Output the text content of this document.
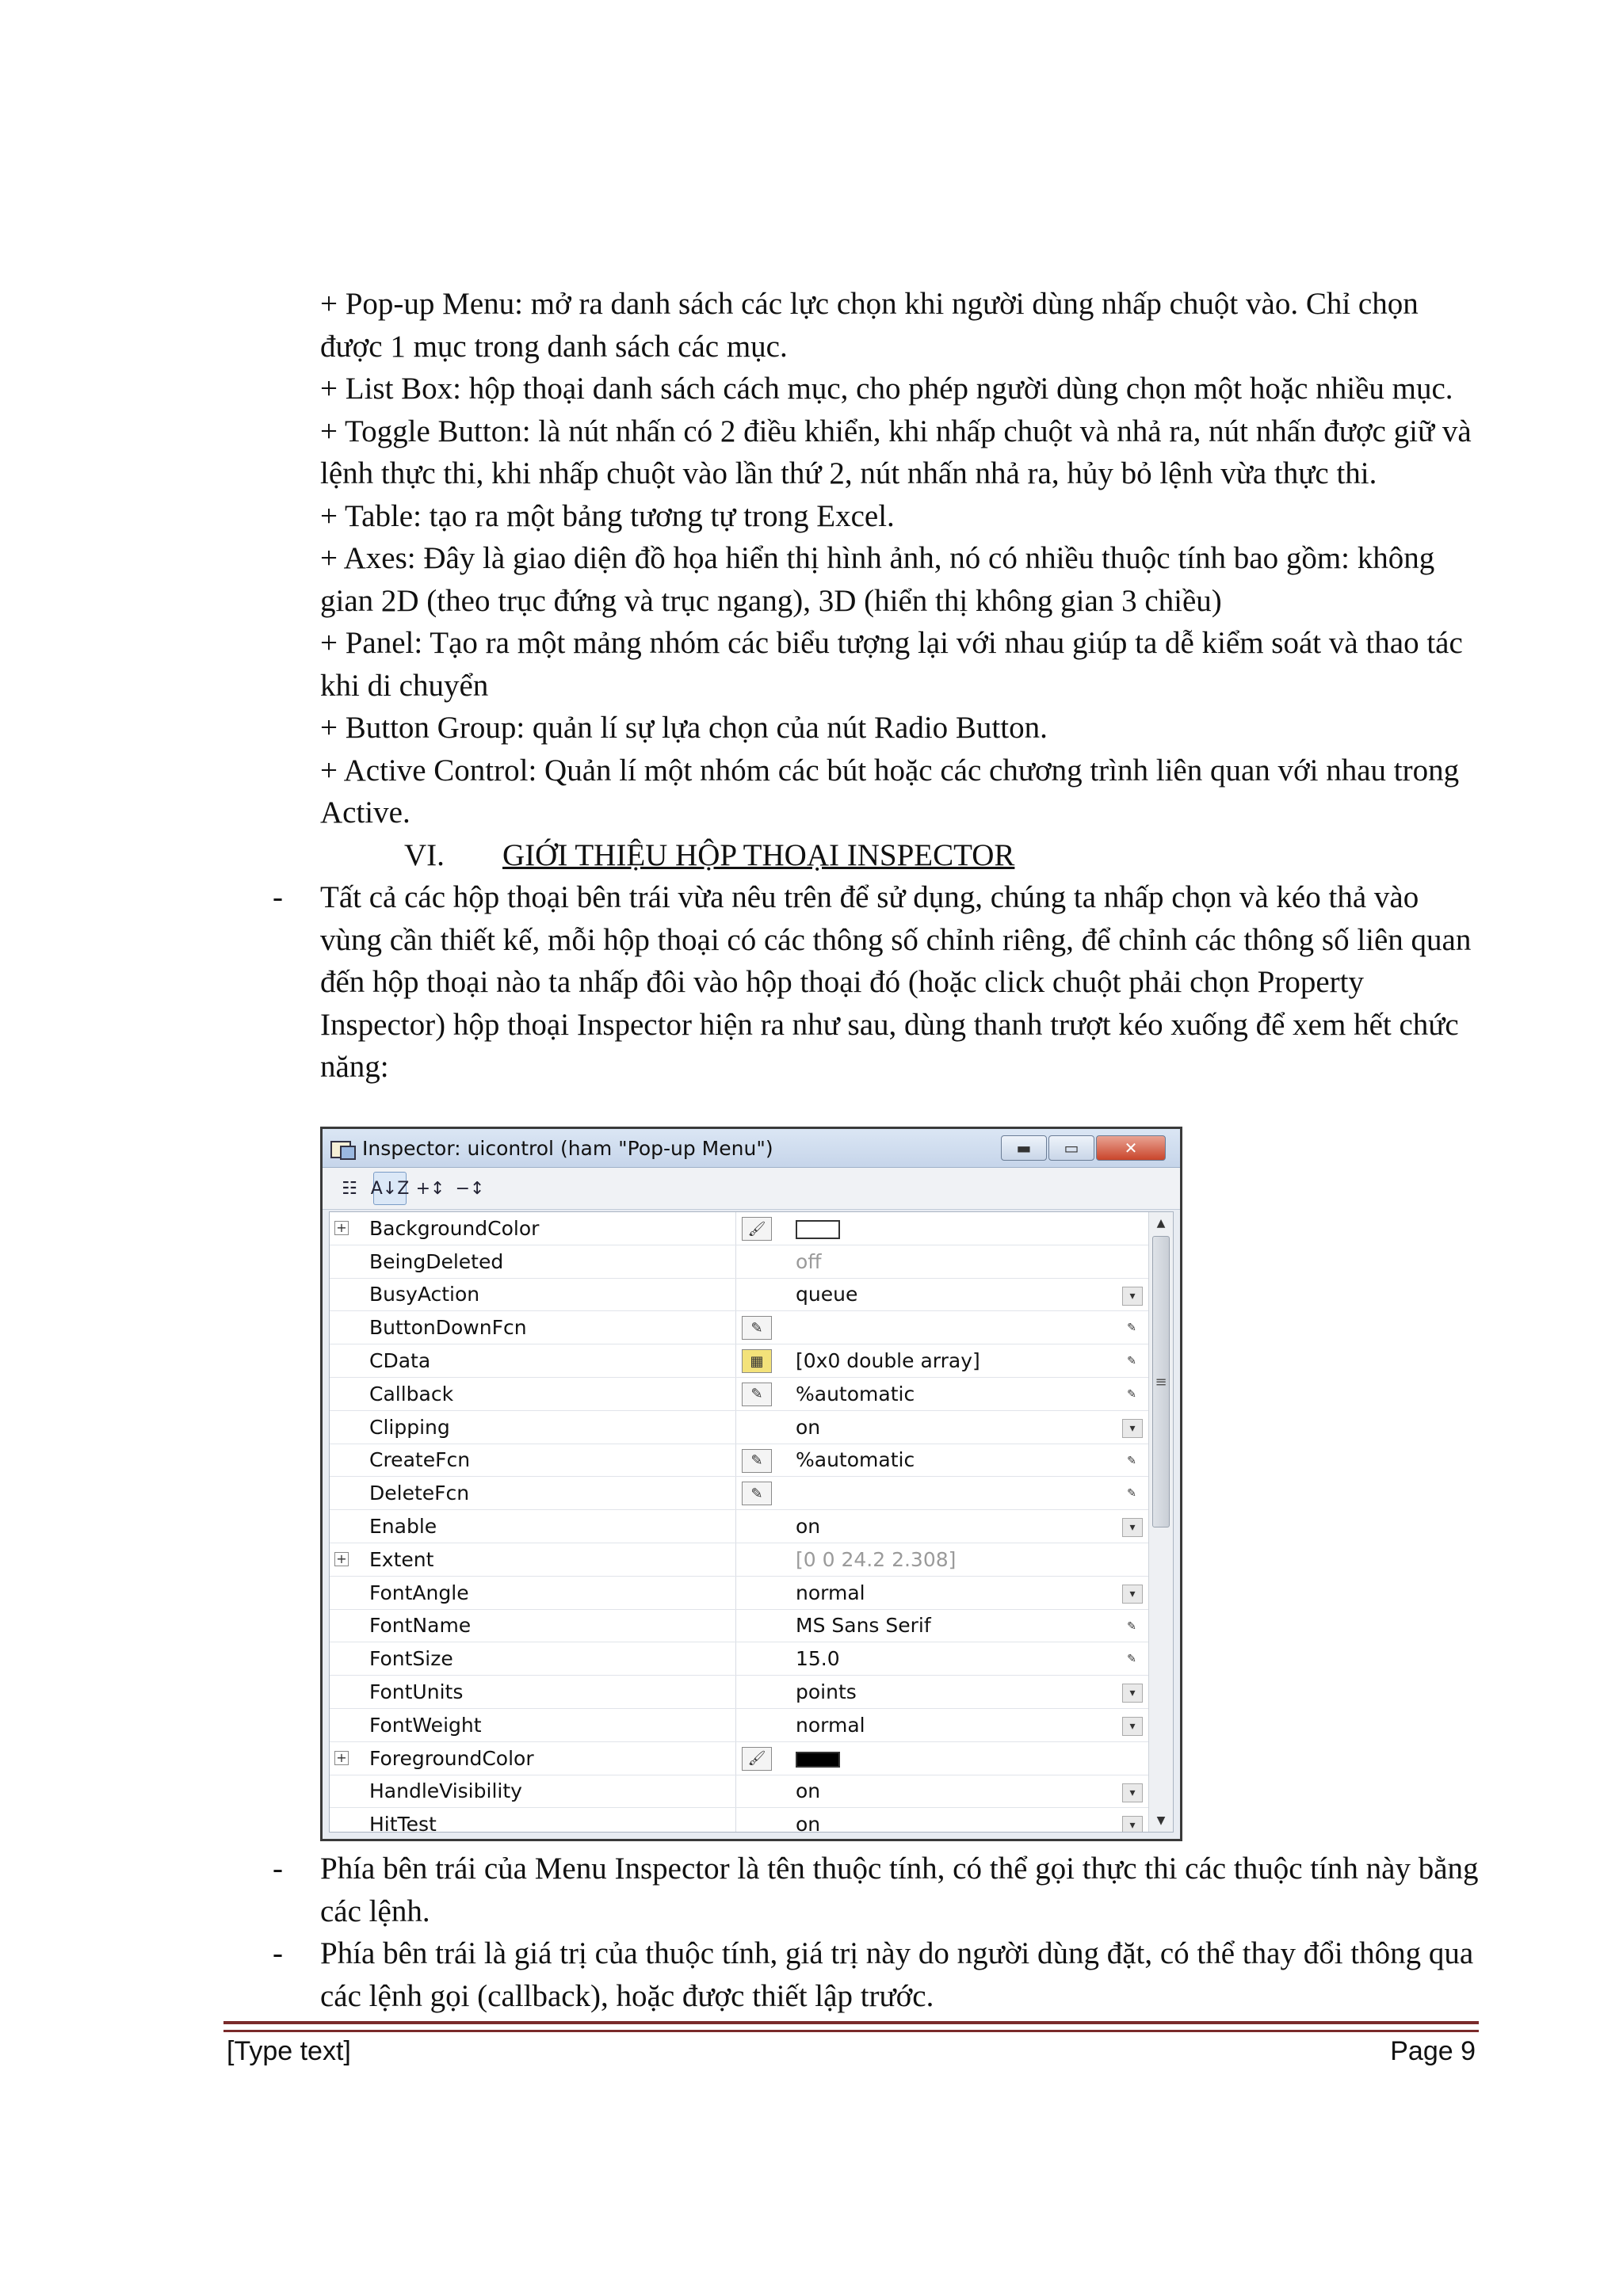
+ Pop-up Menu: mở ra danh sách các lực chọn khi người dùng nhấp chuột vào. Chỉ chọn được 1 mục trong danh sách các mục.

+ List Box: hộp thoại danh sách cách mục, cho phép người dùng chọn một hoặc nhiều mục.

+ Toggle Button: là nút nhấn có 2 điều khiển, khi nhấp chuột và nhả ra, nút nhấn được giữ và lệnh thực thi, khi nhấp chuột vào lần thứ 2, nút nhấn nhả ra, hủy bỏ lệnh vừa thực thi.

+ Table: tạo ra một bảng tương tự trong Excel.

+ Axes: Đây là giao diện đồ họa hiển thị hình ảnh, nó có nhiều thuộc tính bao gồm: không gian 2D (theo trục đứng và trục ngang), 3D (hiển thị không gian 3 chiều)

+ Panel: Tạo ra một mảng nhóm các biểu tượng lại với nhau giúp ta dễ kiểm soát và thao tác khi di chuyển

+ Button Group: quản lí sự lựa chọn của nút Radio Button.

+ Active Control: Quản lí một nhóm các bút hoặc các chương trình liên quan với nhau trong Active.

VI.	GIỚI THIỆU HỘP THOẠI INSPECTOR

- Tất cả các hộp thoại bên trái vừa nêu trên để sử dụng, chúng ta nhấp chọn và kéo thả vào vùng cần thiết kế, mỗi hộp thoại có các thông số chỉnh riêng, để chỉnh các thông số liên quan đến hộp thoại nào ta nhấp đôi vào hộp thoại đó (hoặc click chuột phải chọn Property Inspector) hộp thoại Inspector hiện ra như sau, dùng thanh trượt kéo xuống để xem hết chức năng:

Inspector: uicontrol (ham "Pop-up Menu")	▬	▭	✕
☷ A↓Z +↕ −↕
+ BackgroundColor	🖌
BeingDeleted	off
BusyAction	queue	▾
ButtonDownFcn	✎	✎
CData	▦	[0x0 double array]	✎
Callback	✎	%automatic	✎
Clipping	on	▾
CreateFcn	✎	%automatic	✎
DeleteFcn	✎	✎
Enable	on	▾
+ Extent	[0 0 24.2 2.308]
FontAngle	normal	▾
FontName	MS Sans Serif	✎
FontSize	15.0	✎
FontUnits	points	▾
FontWeight	normal	▾
+ ForegroundColor	🖌
HandleVisibility	on	▾
HitTest	on	▾
▲
≡
▼

- Phía bên trái của Menu Inspector là tên thuộc tính, có thể gọi thực thi các thuộc tính này bằng các lệnh.

- Phía bên trái là giá trị của thuộc tính, giá trị này do người dùng đặt, có thể thay đổi thông qua các lệnh gọi (callback), hoặc được thiết lập trước.

[Type text]	Page 9
